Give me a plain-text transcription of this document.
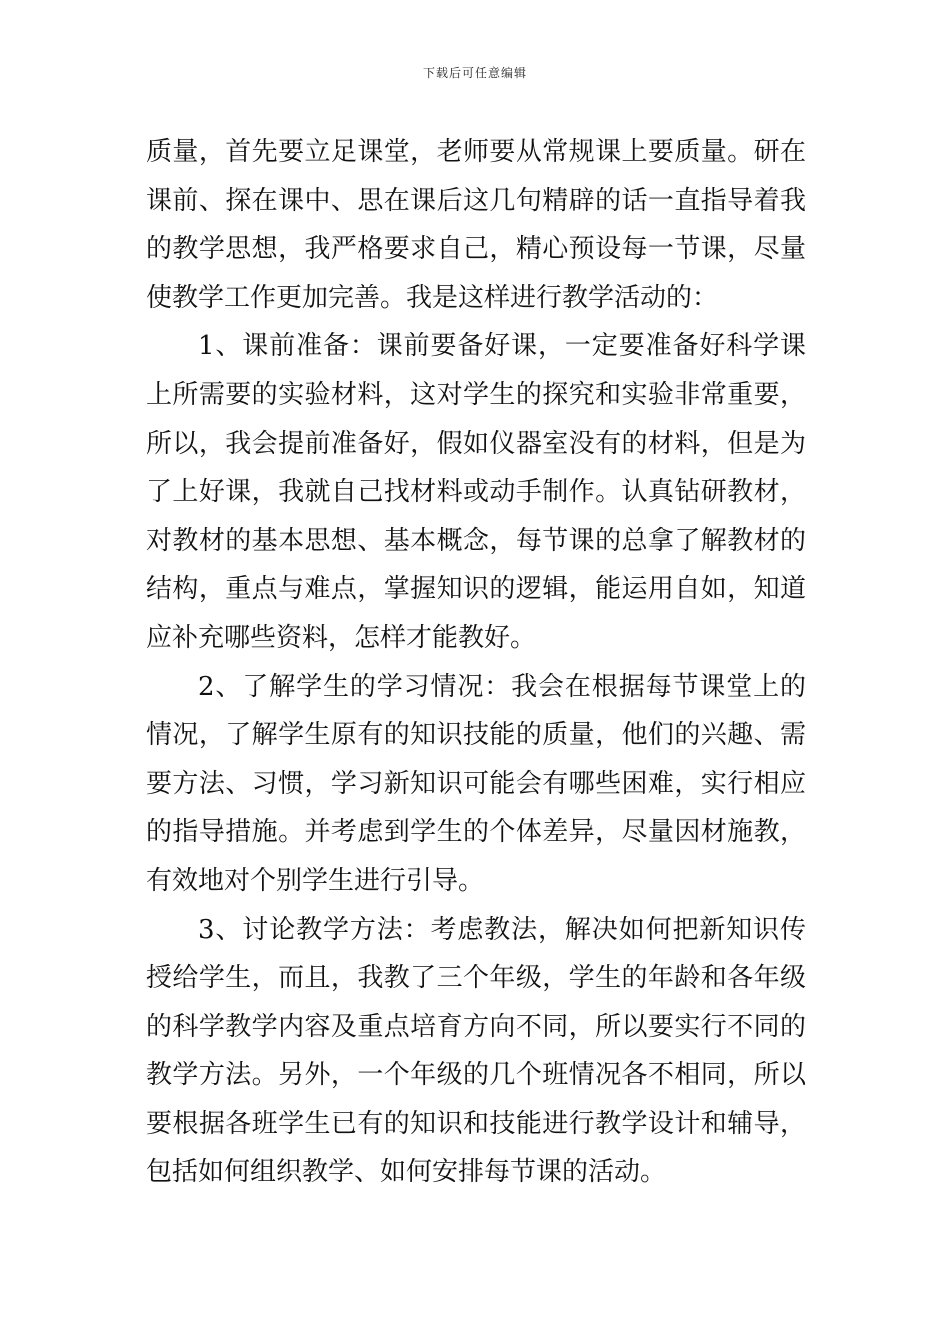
下载后可任意编辑

质量，首先要立足课堂，老师要从常规课上要质量。研在课前、探在课中、思在课后这几句精辟的话一直指导着我的教学思想，我严格要求自己，精心预设每一节课，尽量使教学工作更加完善。我是这样进行教学活动的：

1、课前准备：课前要备好课，一定要准备好科学课上所需要的实验材料，这对学生的探究和实验非常重要，所以，我会提前准备好，假如仪器室没有的材料，但是为了上好课，我就自己找材料或动手制作。认真钻研教材，对教材的基本思想、基本概念，每节课的总拿了解教材的结构，重点与难点，掌握知识的逻辑，能运用自如，知道应补充哪些资料，怎样才能教好。

2、了解学生的学习情况：我会在根据每节课堂上的情况，了解学生原有的知识技能的质量，他们的兴趣、需要方法、习惯，学习新知识可能会有哪些困难，实行相应的指导措施。并考虑到学生的个体差异，尽量因材施教，有效地对个别学生进行引导。

3、讨论教学方法：考虑教法，解决如何把新知识传授给学生，而且，我教了三个年级，学生的年龄和各年级的科学教学内容及重点培育方向不同，所以要实行不同的教学方法。另外，一个年级的几个班情况各不相同，所以要根据各班学生已有的知识和技能进行教学设计和辅导，包括如何组织教学、如何安排每节课的活动。
